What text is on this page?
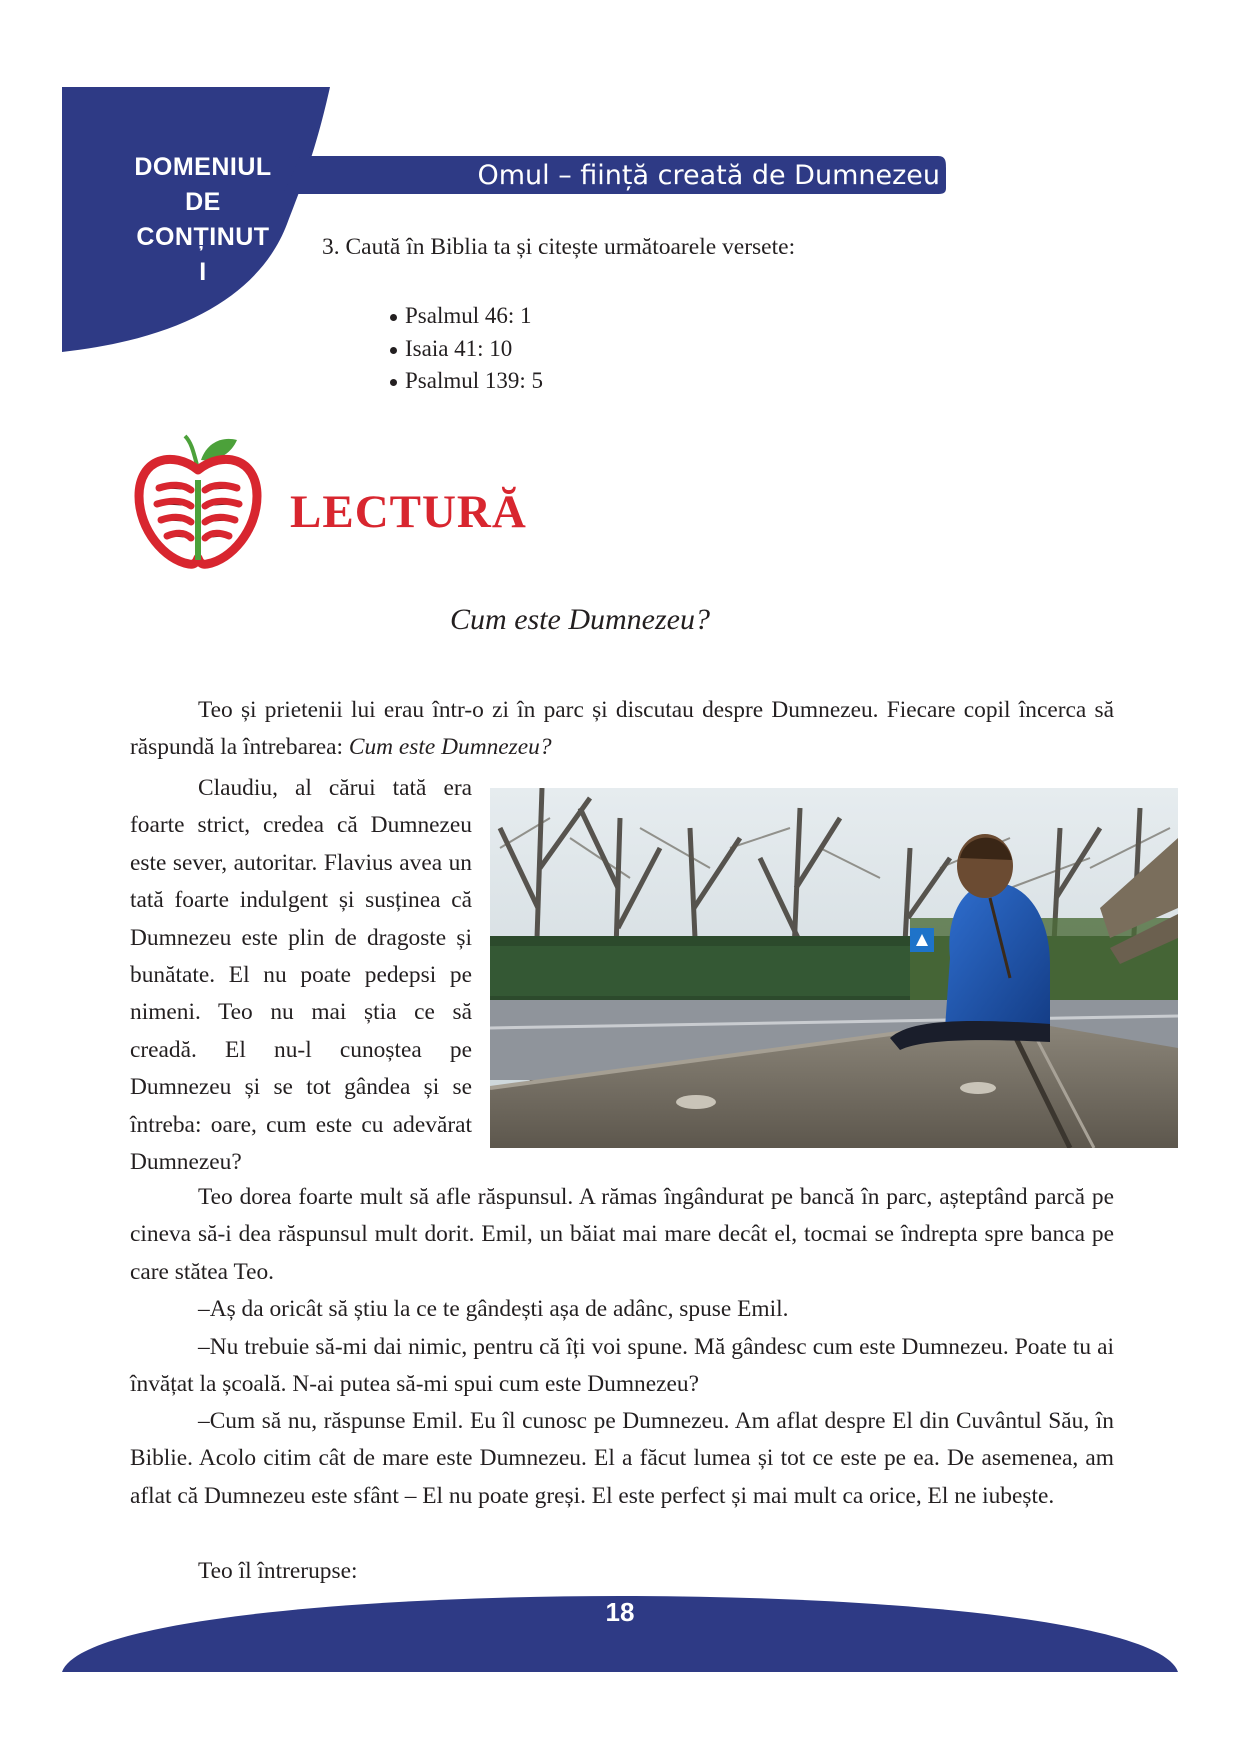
DOMENIUL
DE
CONȚINUT
I
Omul – ființă creată de Dumnezeu
3. Caută în Biblia ta și citește următoarele versete:
Psalmul 46: 1
Isaia 41: 10
Psalmul 139: 5
LECTURĂ
Cum este Dumnezeu?
Teo și prietenii lui erau într-o zi în parc și discutau despre Dumnezeu. Fiecare copil încerca să răspundă la întrebarea: Cum este Dumnezeu?
Claudiu, al cărui tată era foarte strict, credea că Dumnezeu este sever, autoritar. Flavius avea un tată foarte indulgent și susținea că Dumnezeu este plin de dragoste și bunătate. El nu poate pedepsi pe nimeni. Teo nu mai știa ce să creadă. El nu-l cunoștea pe Dumnezeu și se tot gândea și se întreba: oare, cum este cu adevărat Dumnezeu?
Teo dorea foarte mult să afle răspunsul. A rămas îngândurat pe bancă în parc, așteptând parcă pe cineva să-i dea răspunsul mult dorit. Emil, un băiat mai mare decât el, tocmai se îndrepta spre banca pe care stătea Teo.
–Aș da oricât să știu la ce te gândești așa de adânc, spuse Emil.
–Nu trebuie să-mi dai nimic, pentru că îți voi spune. Mă gândesc cum este Dumnezeu. Poate tu ai învățat la școală. N-ai putea să-mi spui cum este Dumnezeu?
–Cum să nu, răspunse Emil. Eu îl cunosc pe Dumnezeu. Am aflat despre El din Cuvântul Său, în Biblie. Acolo citim cât de mare este Dumnezeu. El a făcut lumea și tot ce este pe ea. De asemenea, am aflat că Dumnezeu este sfânt – El nu poate greși. El este perfect și mai mult ca orice, El ne iubește.
Teo îl întrerupse:
18
